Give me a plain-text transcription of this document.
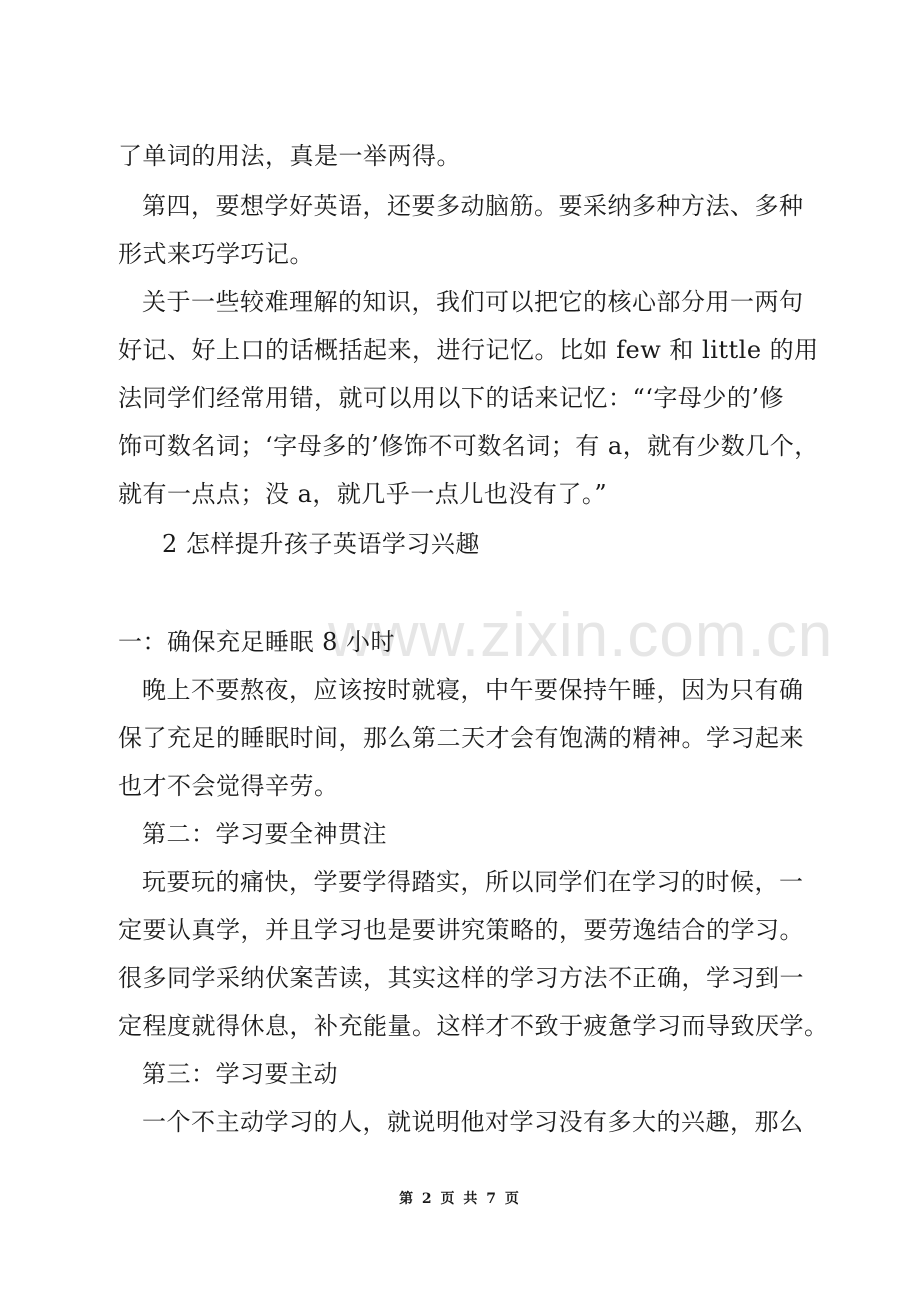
www.zixin.com.cn
了单词的用法，真是一举两得。
第四，要想学好英语，还要多动脑筋。要采纳多种方法、多种
形式来巧学巧记。
关于一些较难理解的知识，我们可以把它的核心部分用一两句
好记、好上口的话概括起来，进行记忆。比如 few 和 little 的用
法同学们经常用错，就可以用以下的话来记忆：“‘字母少的’修
饰可数名词；‘字母多的’修饰不可数名词；有 a，就有少数几个，
就有一点点；没 a，就几乎一点儿也没有了。”
2 怎样提升孩子英语学习兴趣
一：确保充足睡眠 8 小时
晚上不要熬夜，应该按时就寝，中午要保持午睡，因为只有确
保了充足的睡眠时间，那么第二天才会有饱满的精神。学习起来
也才不会觉得辛劳。
第二：学习要全神贯注
玩要玩的痛快，学要学得踏实，所以同学们在学习的时候，一
定要认真学，并且学习也是要讲究策略的，要劳逸结合的学习。
很多同学采纳伏案苦读，其实这样的学习方法不正确，学习到一
定程度就得休息，补充能量。这样才不致于疲惫学习而导致厌学。
第三：学习要主动
一个不主动学习的人，就说明他对学习没有多大的兴趣，那么
第 2 页 共 7 页
